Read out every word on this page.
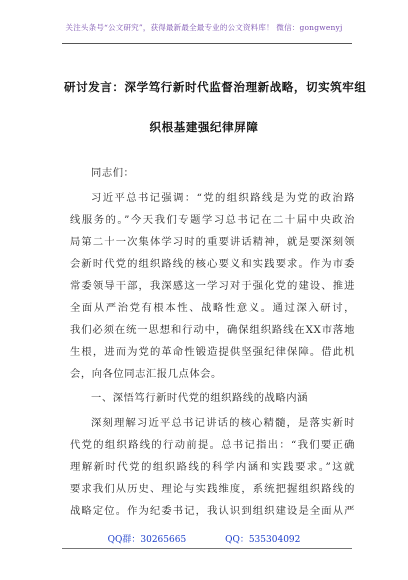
关注头条号“公文研究”，获得最新最全最专业的公文资料库！ 微信：gongwenyj
研讨发言：深学笃行新时代监督治理新战略，切实筑牢组
织根基建强纪律屏障
同志们：
习近平总书记强调：“党的组织路线是为党的政治路
线服务的。”今天我们专题学习总书记在二十届中央政治
局第二十一次集体学习时的重要讲话精神，就是要深刻领
会新时代党的组织路线的核心要义和实践要求。作为市委
常委领导干部，我深感这一学习对于强化党的建设、推进
全面从严治党有根本性、战略性意义。通过深入研讨，
我们必须在统一思想和行动中，确保组织路线在XX市落地
生根，进而为党的革命性锻造提供坚强纪律保障。借此机
会，向各位同志汇报几点体会。
一、深悟笃行新时代党的组织路线的战略内涵
深刻理解习近平总书记讲话的核心精髓，是落实新时
代党的组织路线的行动前提。总书记指出：“我们要正确
理解新时代党的组织路线的科学内涵和实践要求。”这就
要求我们从历史、理论与实践维度，系统把握组织路线的
战略定位。作为纪委书记，我认识到组织建设是全面从严
QQ群：30265665	QQ：535304092
